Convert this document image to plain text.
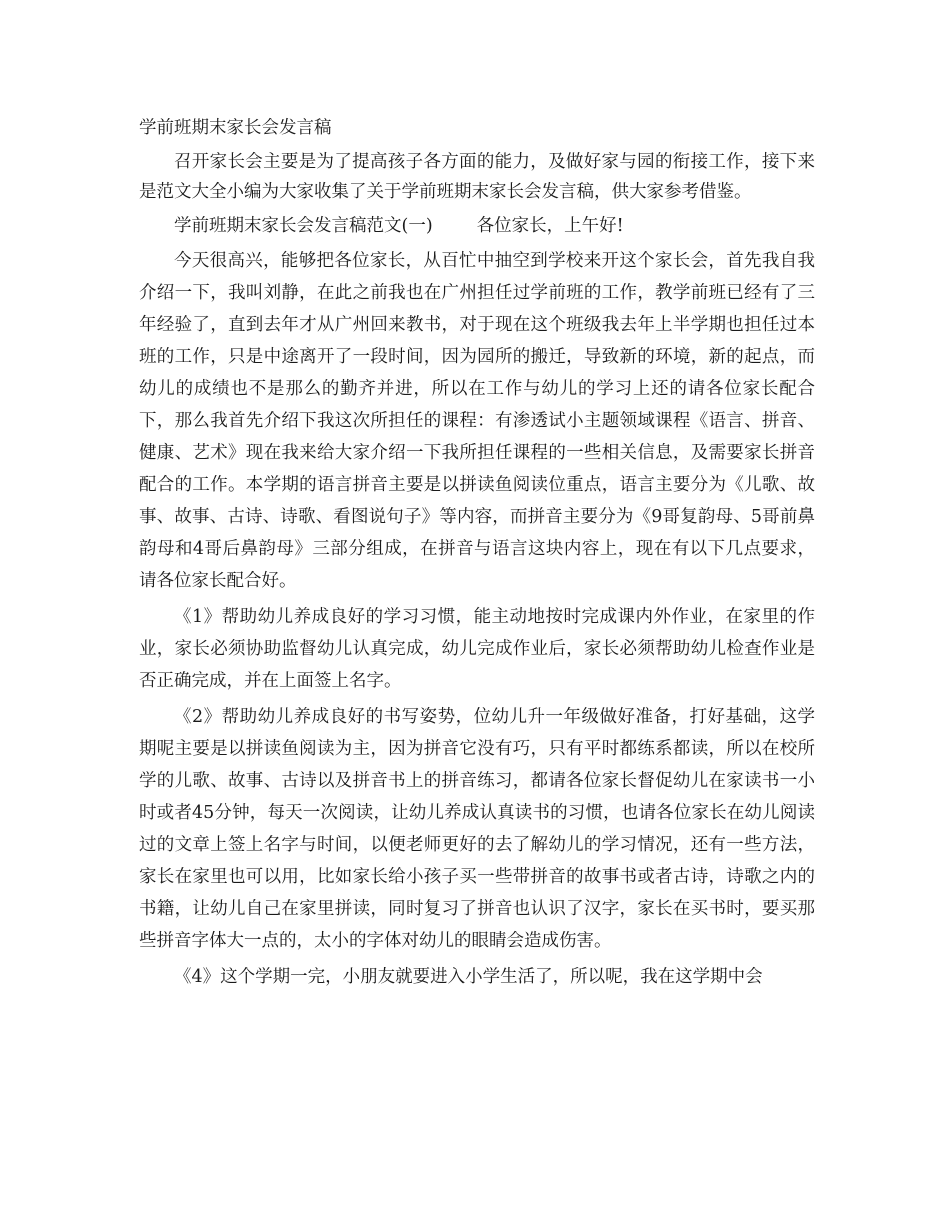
学前班期末家长会发言稿

召开家长会主要是为了提高孩子各方面的能力，及做好家与园的衔接工作，接下来是范文大全小编为大家收集了关于学前班期末家长会发言稿，供大家参考借鉴。

学前班期末家长会发言稿范文(一)	各位家长，上午好!

今天很高兴，能够把各位家长，从百忙中抽空到学校来开这个家长会，首先我自我介绍一下，我叫刘静，在此之前我也在广州担任过学前班的工作，教学前班已经有了三年经验了，直到去年才从广州回来教书，对于现在这个班级我去年上半学期也担任过本班的工作，只是中途离开了一段时间，因为园所的搬迁，导致新的环境，新的起点，而幼儿的成绩也不是那么的勤齐并进，所以在工作与幼儿的学习上还的请各位家长配合下，那么我首先介绍下我这次所担任的课程：有渗透试小主题领域课程《语言、拼音、健康、艺术》现在我来给大家介绍一下我所担任课程的一些相关信息，及需要家长拼音配合的工作。本学期的语言拼音主要是以拼读鱼阅读位重点，语言主要分为《儿歌、故事、故事、古诗、诗歌、看图说句子》等内容，而拼音主要分为《9哥复韵母、5哥前鼻韵母和4哥后鼻韵母》三部分组成，在拼音与语言这块内容上，现在有以下几点要求，请各位家长配合好。

《1》帮助幼儿养成良好的学习习惯，能主动地按时完成课内外作业，在家里的作业，家长必须协助监督幼儿认真完成，幼儿完成作业后，家长必须帮助幼儿检查作业是否正确完成，并在上面签上名字。

《2》帮助幼儿养成良好的书写姿势，位幼儿升一年级做好准备，打好基础，这学期呢主要是以拼读鱼阅读为主，因为拼音它没有巧，只有平时都练系都读，所以在校所学的儿歌、故事、古诗以及拼音书上的拼音练习，都请各位家长督促幼儿在家读书一小时或者45分钟，每天一次阅读，让幼儿养成认真读书的习惯，也请各位家长在幼儿阅读过的文章上签上名字与时间，以便老师更好的去了解幼儿的学习情况，还有一些方法，家长在家里也可以用，比如家长给小孩子买一些带拼音的故事书或者古诗，诗歌之内的书籍，让幼儿自己在家里拼读，同时复习了拼音也认识了汉字，家长在买书时，要买那些拼音字体大一点的，太小的字体对幼儿的眼睛会造成伤害。

《4》这个学期一完，小朋友就要进入小学生活了，所以呢，我在这学期中会
